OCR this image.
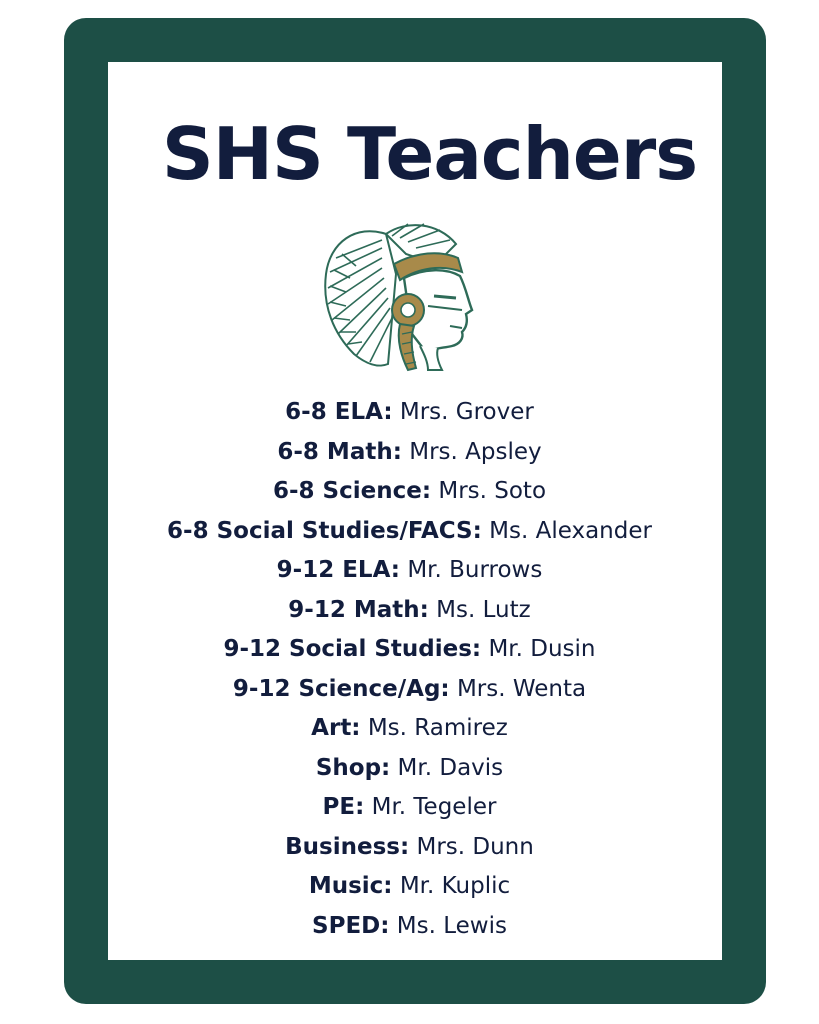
SHS Teachers
6-8 ELA: Mrs. Grover
6-8 Math: Mrs. Apsley
6-8 Science: Mrs. Soto
6-8 Social Studies/FACS: Ms. Alexander
9-12 ELA: Mr. Burrows
9-12 Math: Ms. Lutz
9-12 Social Studies: Mr. Dusin
9-12 Science/Ag: Mrs. Wenta
Art: Ms. Ramirez
Shop: Mr. Davis
PE: Mr. Tegeler
Business: Mrs. Dunn
Music: Mr. Kuplic
SPED: Ms. Lewis
